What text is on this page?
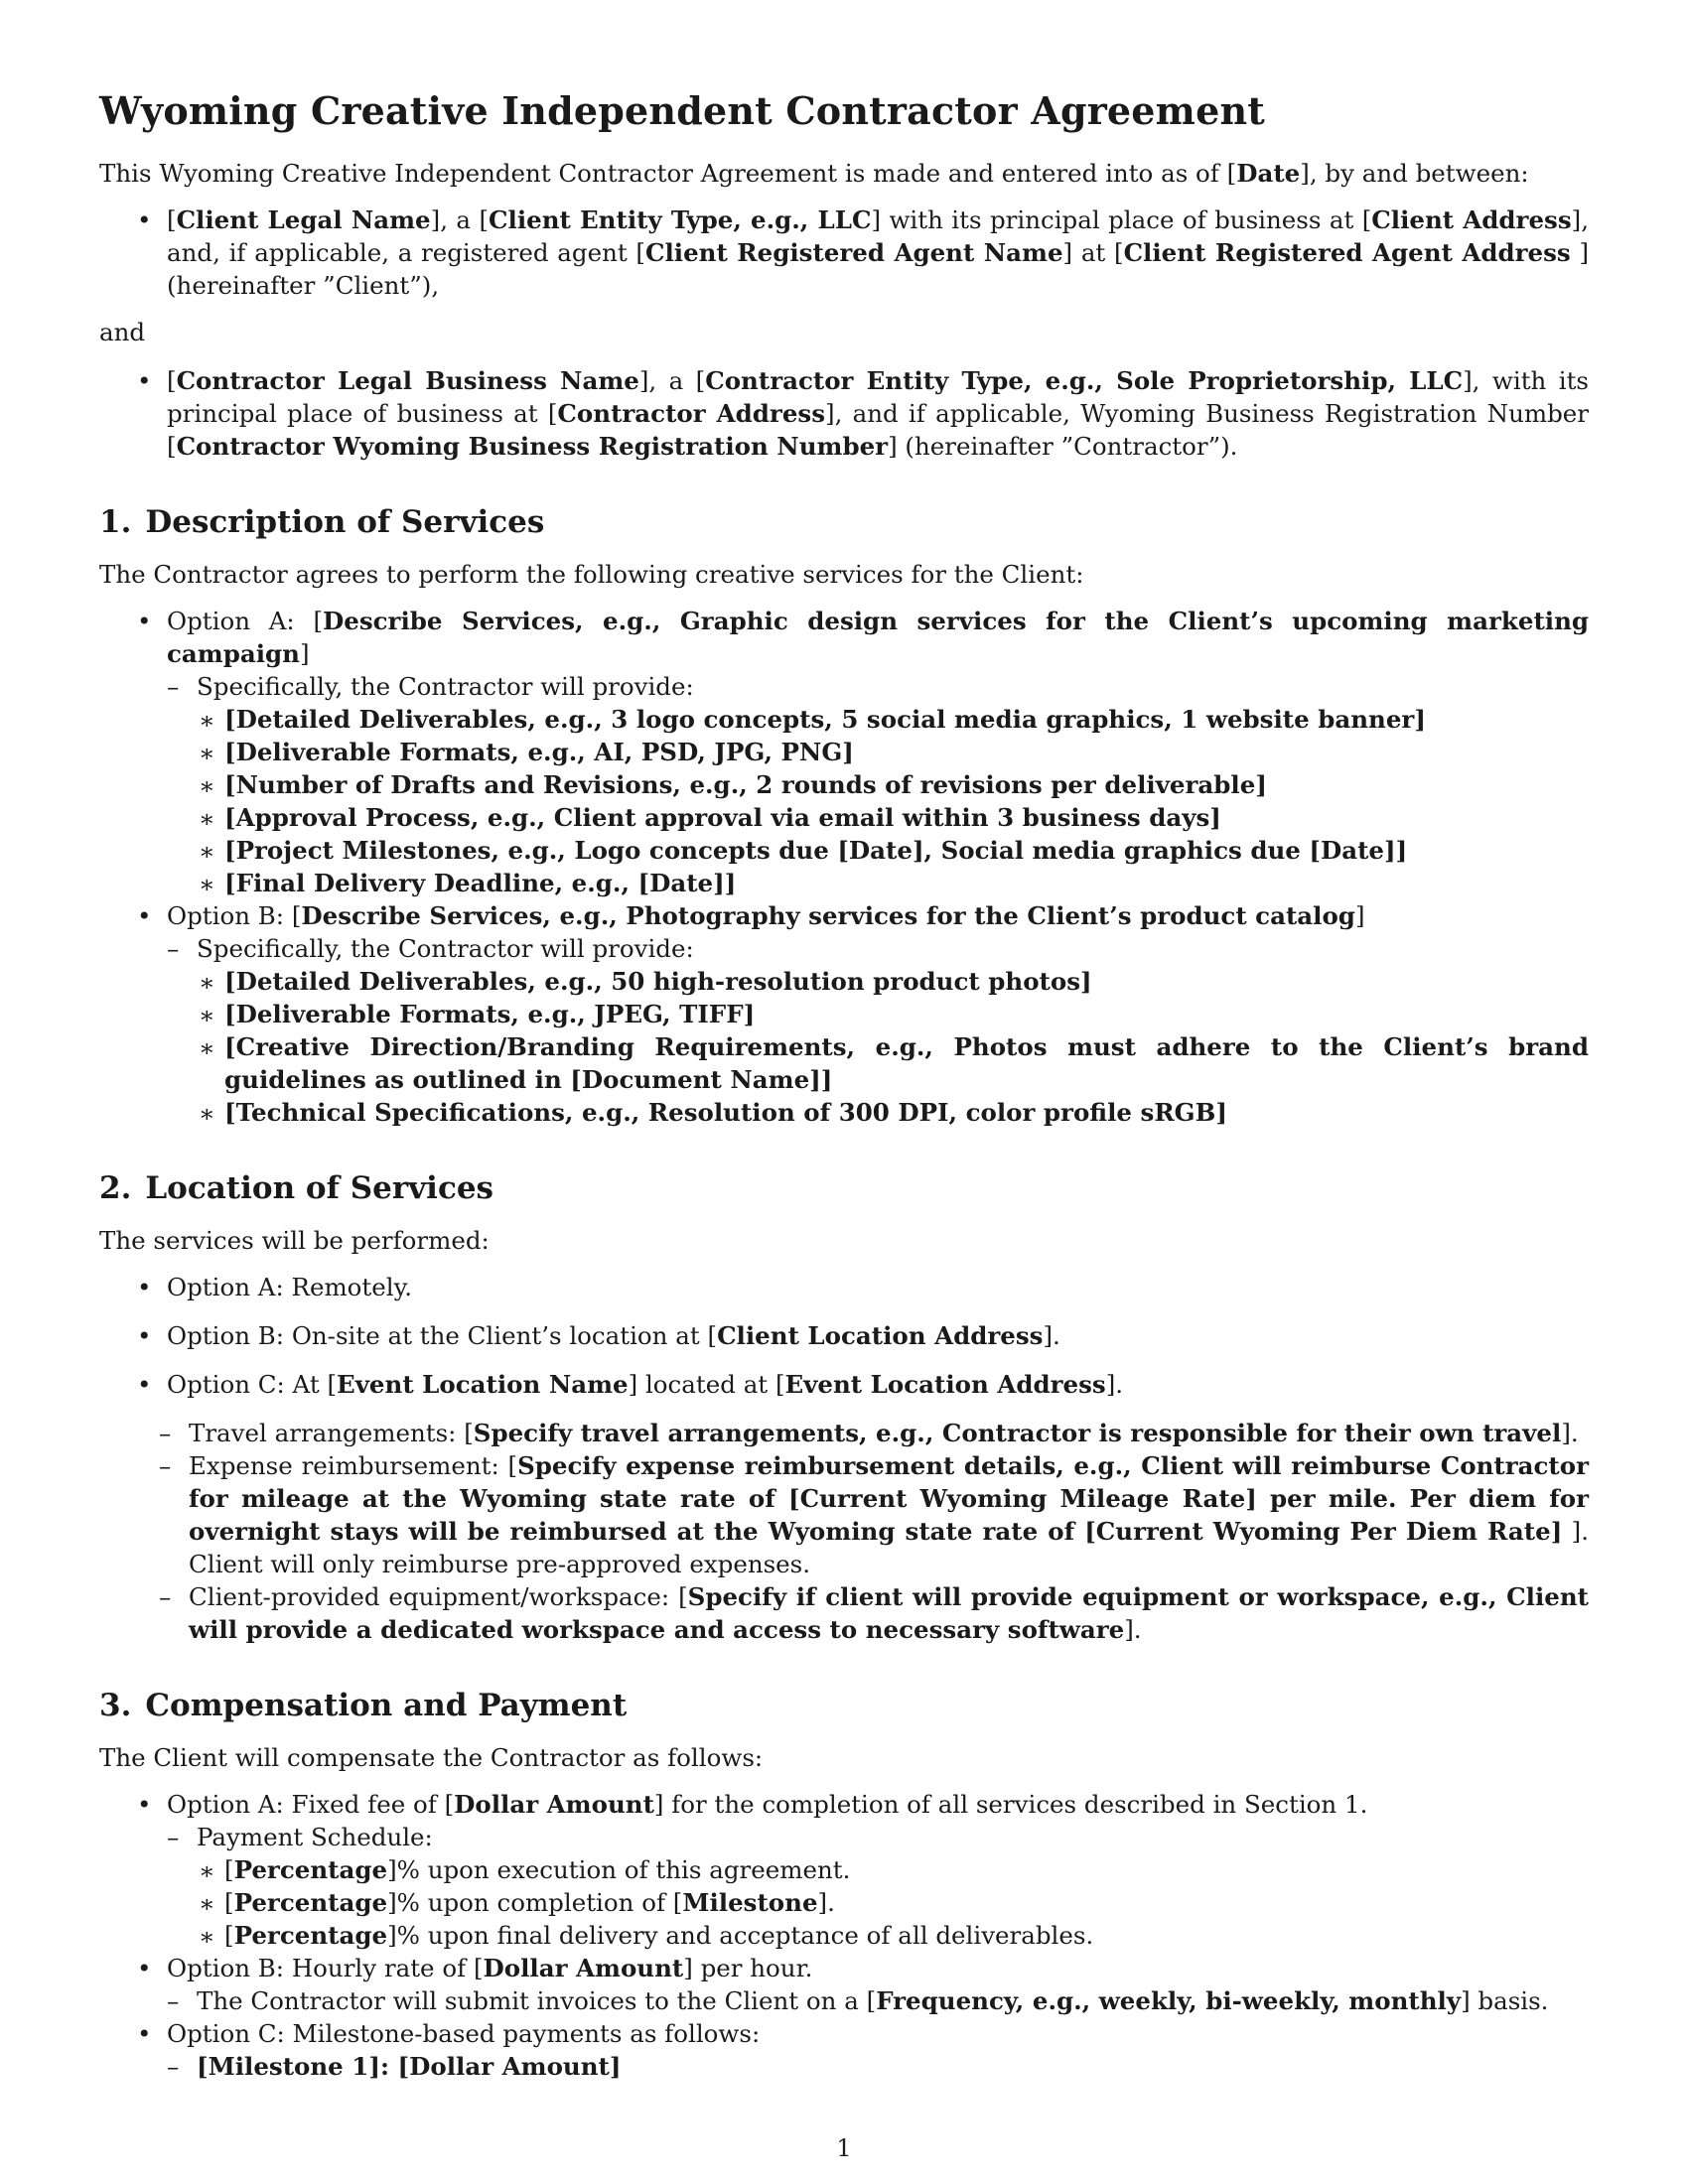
Wyoming Creative Independent Contractor Agreement

This Wyoming Creative Independent Contractor Agreement is made and entered into as of [Date], by and between:

• [Client Legal Name], a [Client Entity Type, e.g., LLC] with its principal place of business at [Client Address], and, if applicable, a registered agent [Client Registered Agent Name] at [Client Registered Agent Address ] (hereinafter ”Client”),
and
• [Contractor Legal Business Name], a [Contractor Entity Type, e.g., Sole Proprietorship, LLC], with its principal place of business at [Contractor Address], and if applicable, Wyoming Business Registration Number [Contractor Wyoming Business Registration Number] (hereinafter ”Contractor”).
1. Description of Services

The Contractor agrees to perform the following creative services for the Client:

• Option A: [Describe Services, e.g., Graphic design services for the Client’s upcoming marketing campaign]
– Specifically, the Contractor will provide:
∗ [Detailed Deliverables, e.g., 3 logo concepts, 5 social media graphics, 1 website banner]
∗ [Deliverable Formats, e.g., AI, PSD, JPG, PNG]
∗ [Number of Drafts and Revisions, e.g., 2 rounds of revisions per deliverable]
∗ [Approval Process, e.g., Client approval via email within 3 business days]
∗ [Project Milestones, e.g., Logo concepts due [Date], Social media graphics due [Date]]
∗ [Final Delivery Deadline, e.g., [Date]]
• Option B: [Describe Services, e.g., Photography services for the Client’s product catalog]
– Specifically, the Contractor will provide:
∗ [Detailed Deliverables, e.g., 50 high-resolution product photos]
∗ [Deliverable Formats, e.g., JPEG, TIFF]
∗ [Creative Direction/Branding Requirements, e.g., Photos must adhere to the Client’s brand guidelines as outlined in [Document Name]]
∗ [Technical Specifications, e.g., Resolution of 300 DPI, color profile sRGB]
2. Location of Services

The services will be performed:

• Option A: Remotely.
• Option B: On-site at the Client’s location at [Client Location Address].
• Option C: At [Event Location Name] located at [Event Location Address].
– Travel arrangements: [Specify travel arrangements, e.g., Contractor is responsible for their own travel].
– Expense reimbursement: [Specify expense reimbursement details, e.g., Client will reimburse Contractor for mileage at the Wyoming state rate of [Current Wyoming Mileage Rate] per mile. Per diem for overnight stays will be reimbursed at the Wyoming state rate of [Current Wyoming Per Diem Rate] ]. Client will only reimburse pre-approved expenses.
– Client-provided equipment/workspace: [Specify if client will provide equipment or workspace, e.g., Client will provide a dedicated workspace and access to necessary software].
3. Compensation and Payment

The Client will compensate the Contractor as follows:

• Option A: Fixed fee of [Dollar Amount] for the completion of all services described in Section 1.
– Payment Schedule:
∗ [Percentage]% upon execution of this agreement.
∗ [Percentage]% upon completion of [Milestone].
∗ [Percentage]% upon final delivery and acceptance of all deliverables.
• Option B: Hourly rate of [Dollar Amount] per hour.
– The Contractor will submit invoices to the Client on a [Frequency, e.g., weekly, bi-weekly, monthly] basis.
• Option C: Milestone-based payments as follows:
– [Milestone 1]: [Dollar Amount]
1
